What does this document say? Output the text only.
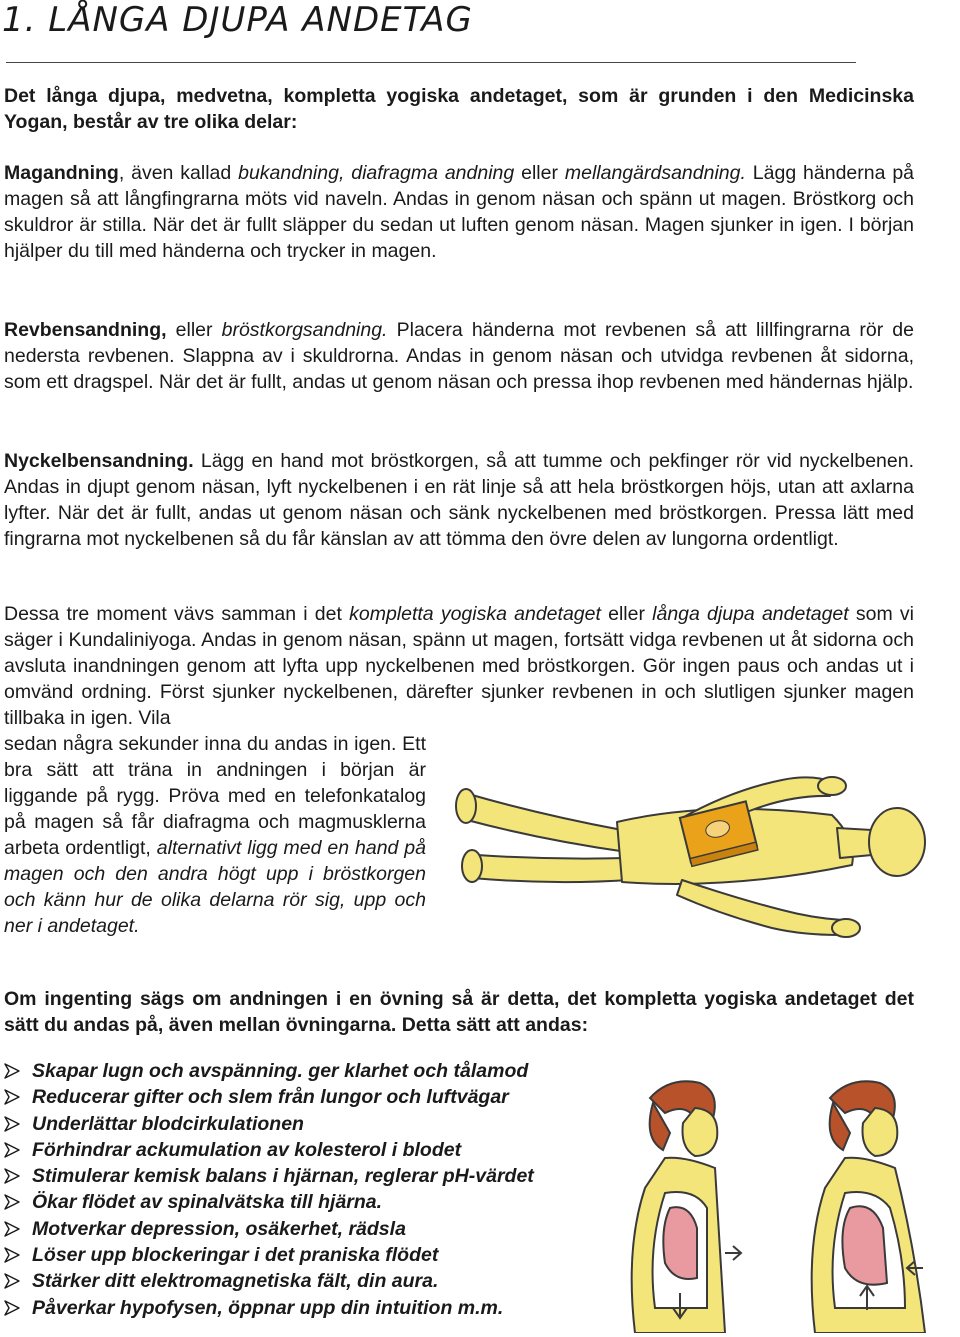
1. LÅNGA DJUPA ANDETAG

Det långa djupa, medvetna, kompletta yogiska andetaget, som är grunden i den Medicinska Yogan, består av tre olika delar:

Magandning, även kallad bukandning, diafragma andning eller mellangärdsandning. Lägg händerna på magen så att långfingrarna möts vid naveln. Andas in genom näsan och spänn ut magen. Bröstkorg och skuldror är stilla. När det är fullt släpper du sedan ut luften genom näsan. Magen sjunker in igen. I början hjälper du till med händerna och trycker in magen.

Revbensandning, eller bröstkorgsandning. Placera händerna mot revbenen så att lillfingrarna rör de nedersta revbenen. Slappna av i skuldrorna. Andas in genom näsan och utvidga revbenen åt sidorna, som ett dragspel. När det är fullt, andas ut genom näsan och pressa ihop revbenen med händernas hjälp.

Nyckelbensandning. Lägg en hand mot bröstkorgen, så att tumme och pekfinger rör vid nyckelbenen. Andas in djupt genom näsan, lyft nyckelbenen i en rät linje så att hela bröstkorgen höjs, utan att axlarna lyfter. När det är fullt, andas ut genom näsan och sänk nyckelbenen med bröstkorgen. Pressa lätt med fingrarna mot nyckelbenen så du får känslan av att tömma den övre delen av lungorna ordentligt.

Dessa tre moment vävs samman i det kompletta yogiska andetaget eller långa djupa andetaget som vi säger i Kundaliniyoga. Andas in genom näsan, spänn ut magen, fortsätt vidga revbenen ut åt sidorna och avsluta inandningen genom att lyfta upp nyckelbenen med bröstkorgen. Gör ingen paus och andas ut i omvänd ordning. Först sjunker nyckelbenen, därefter sjunker revbenen in och slutligen sjunker magen tillbaka in igen. Vila

sedan några sekunder inna du andas in igen. Ett bra sätt att träna in andningen i början är liggande på rygg. Pröva med en telefonkatalog på magen så får diafragma och magmusklerna arbeta ordentligt, alternativt ligg med en hand på magen och den andra högt upp i bröstkorgen och känn hur de olika delarna rör sig, upp och ner i andetaget.

Om ingenting sägs om andningen i en övning så är detta, det kompletta yogiska andetaget det sätt du andas på, även mellan övningarna. Detta sätt att andas:

Skapar lugn och avspänning. ger klarhet och tålamod
Reducerar gifter och slem från lungor och luftvägar
Underlättar blodcirkulationen
Förhindrar ackumulation av kolesterol i blodet
Stimulerar kemisk balans i hjärnan, reglerar pH-värdet
Ökar flödet av spinalvätska till hjärna.
Motverkar depression, osäkerhet, rädsla
Löser upp blockeringar i det praniska flödet
Stärker ditt elektromagnetiska fält, din aura.
Påverkar hypofysen, öppnar upp din intuition m.m.
